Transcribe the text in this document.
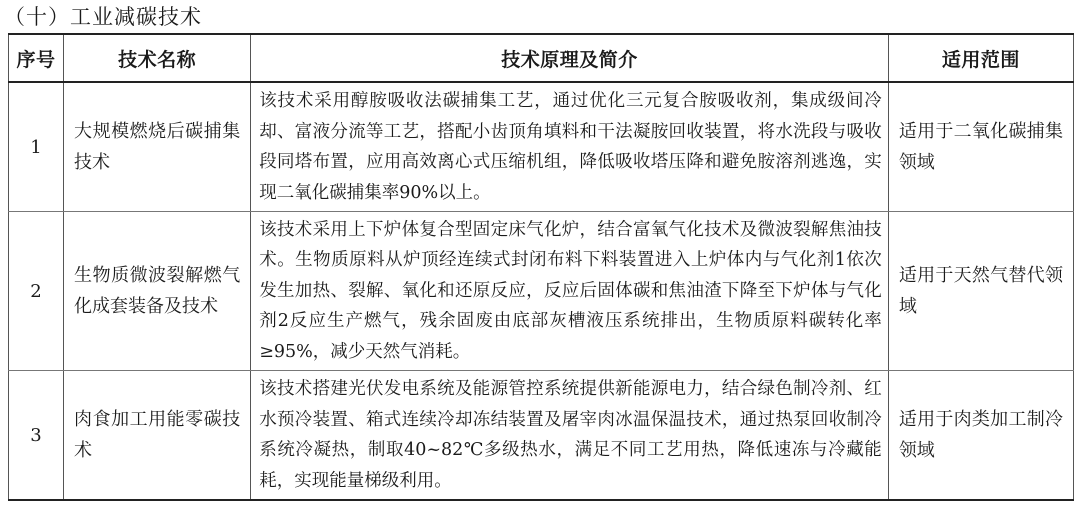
（十）工业减碳技术
序号	技术名称	技术原理及简介	适用范围
1	大规模燃烧后碳捕集技术	该技术采用醇胺吸收法碳捕集工艺，通过优化三元复合胺吸收剂，集成级间冷却、富液分流等工艺，搭配小齿顶角填料和干法凝胺回收装置，将水洗段与吸收段同塔布置，应用高效离心式压缩机组，降低吸收塔压降和避免胺溶剂逃逸，实现二氧化碳捕集率90%以上。	适用于二氧化碳捕集领域
2	生物质微波裂解燃气化成套装备及技术	该技术采用上下炉体复合型固定床气化炉，结合富氧气化技术及微波裂解焦油技术。生物质原料从炉顶经连续式封闭布料下料装置进入上炉体内与气化剂1依次发生加热、裂解、氧化和还原反应，反应后固体碳和焦油渣下降至下炉体与气化剂2反应生产燃气，残余固废由底部灰槽液压系统排出，生物质原料碳转化率≥95%，减少天然气消耗。	适用于天然气替代领域
3	肉食加工用能零碳技术	该技术搭建光伏发电系统及能源管控系统提供新能源电力，结合绿色制冷剂、红水预冷装置、箱式连续冷却冻结装置及屠宰肉冰温保温技术，通过热泵回收制冷系统冷凝热，制取40~82℃多级热水，满足不同工艺用热，降低速冻与冷藏能耗，实现能量梯级利用。	适用于肉类加工制冷领域
